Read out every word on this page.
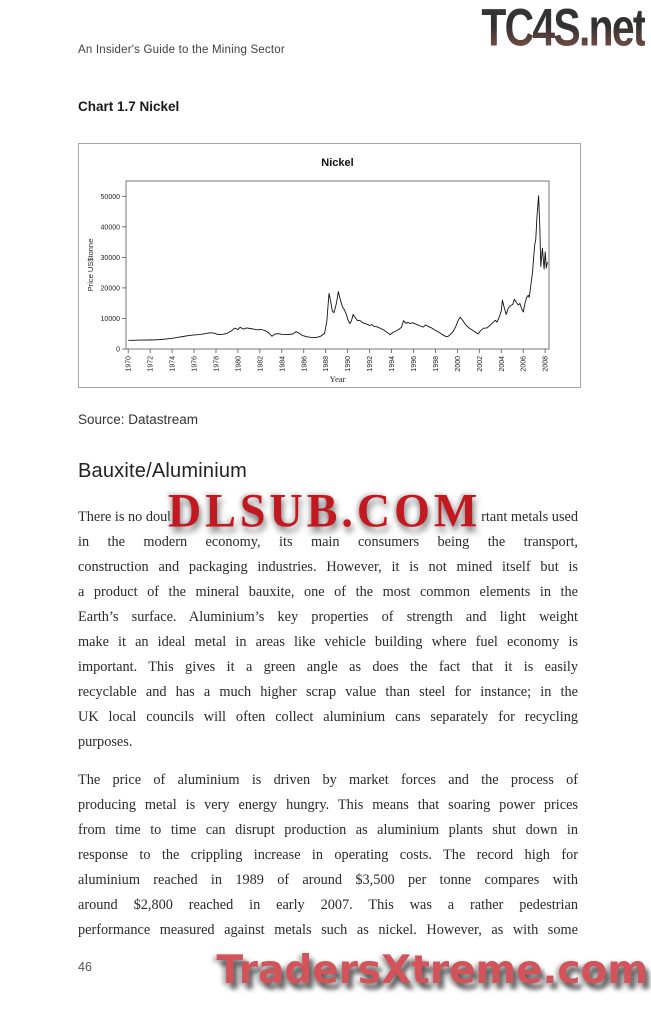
An Insider's Guide to the Mining Sector	TC4S.net
Chart 1.7 Nickel
0
10000
20000
30000
40000
50000
1970 1972 1974 1976 1978 1980 1982 1984 1986 1988 1990 1992 1994 1996 1998 2000 2002 2004 2006 2008
Nickel
Year
Price US$tonne
Source: Datastream
Bauxite/Aluminium
There is no doub	rtant metals used
in the modern economy, its main consumers being the transport,
construction and packaging industries. However, it is not mined itself but is
a product of the mineral bauxite, one of the most common elements in the
Earth’s surface. Aluminium’s key properties of strength and light weight
make it an ideal metal in areas like vehicle building where fuel economy is
important. This gives it a green angle as does the fact that it is easily
recyclable and has a much higher scrap value than steel for instance; in the
UK local councils will often collect aluminium cans separately for recycling
purposes.
DLSUB.COM
The price of aluminium is driven by market forces and the process of
producing metal is very energy hungry. This means that soaring power prices
from time to time can disrupt production as aluminium plants shut down in
response to the crippling increase in operating costs. The record high for
aluminium reached in 1989 of around $3,500 per tonne compares with
around $2,800 reached in early 2007. This was a rather pedestrian
performance measured against metals such as nickel. However, as with some
46	TradersXtreme.com
